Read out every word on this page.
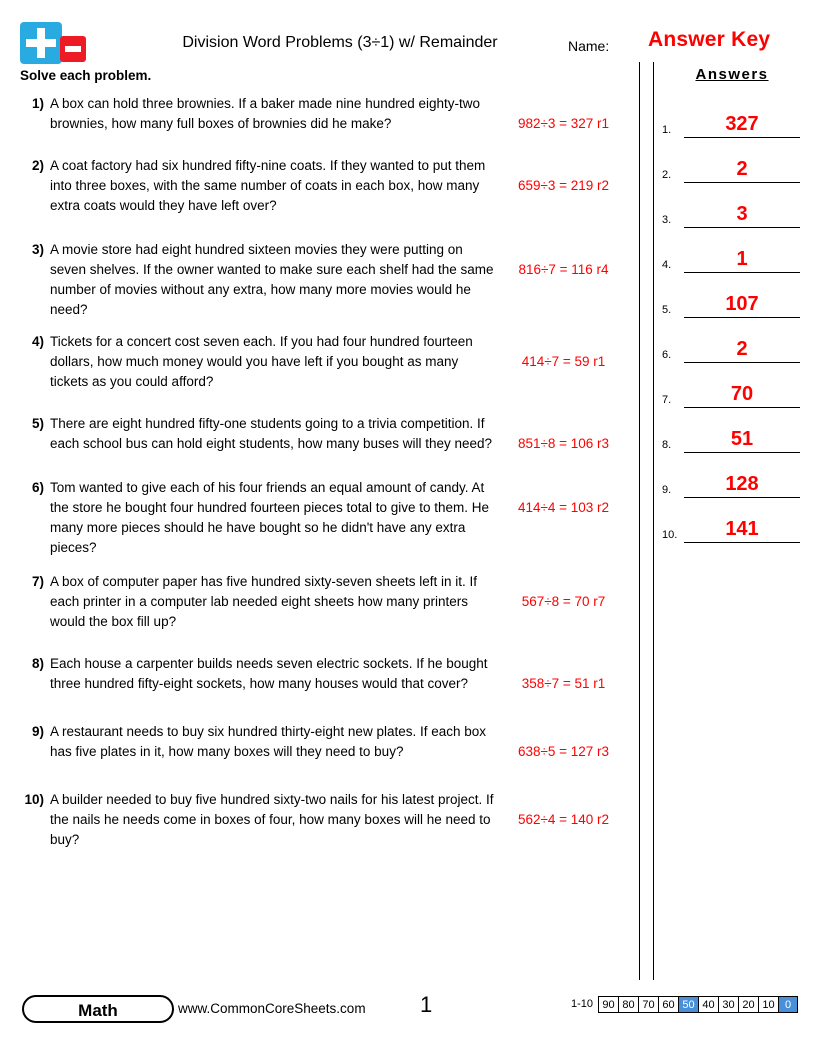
Division Word Problems (3÷1) w/ Remainder	Name: Answer Key
Solve each problem.
1) A box can hold three brownies. If a baker made nine hundred eighty-two brownies, how many full boxes of brownies did he make?	982÷3 = 327 r1
2) A coat factory had six hundred fifty-nine coats. If they wanted to put them into three boxes, with the same number of coats in each box, how many extra coats would they have left over?
659÷3 = 219 r2
3) A movie store had eight hundred sixteen movies they were putting on seven shelves. If the owner wanted to make sure each shelf had the same number of movies without any extra, how many more movies would he need?
816÷7 = 116 r4
4) Tickets for a concert cost seven each. If you had four hundred fourteen dollars, how much money would you have left if you bought as many tickets as you could afford?
414÷7 = 59 r1
5) There are eight hundred fifty-one students going to a trivia competition. If each school bus can hold eight students, how many buses will they need?	851÷8 = 106 r3
6) Tom wanted to give each of his four friends an equal amount of candy. At the store he bought four hundred fourteen pieces total to give to them. He many more pieces should he have bought so he didn't have any extra pieces?
414÷4 = 103 r2
7) A box of computer paper has five hundred sixty-seven sheets left in it. If each printer in a computer lab needed eight sheets how many printers would the box fill up?
567÷8 = 70 r7
8) Each house a carpenter builds needs seven electric sockets. If he bought three hundred fifty-eight sockets, how many houses would that cover?	358÷7 = 51 r1
9) A restaurant needs to buy six hundred thirty-eight new plates. If each box has five plates in it, how many boxes will they need to buy?	638÷5 = 127 r3
10) A builder needed to buy five hundred sixty-two nails for his latest project. If the nails he needs come in boxes of four, how many boxes will he need to buy?
562÷4 = 140 r2
Answers
1.	327
2.	2
3.	3
4.	1
5.	107
6.	2
7.	70
8.	51
9.	128
10.	141
Math	www.CommonCoreSheets.com 1	1-10 90 80 70 60 50 40 30 20 10 0
